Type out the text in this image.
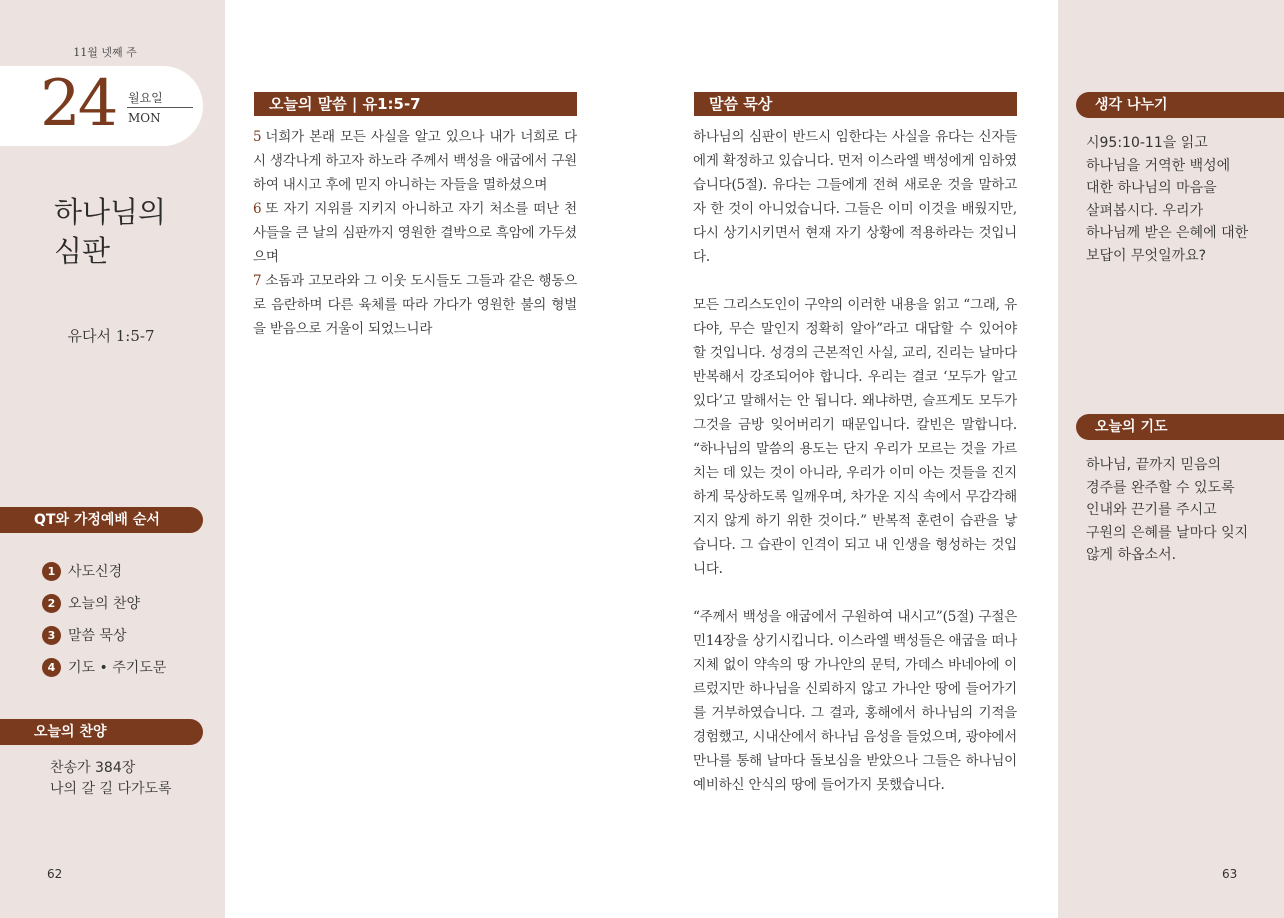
11월 넷째 주
24 월요일
MON
하나님의
심판
유다서 1:5-7
QT와 가정예배 순서
1 사도신경
2 오늘의 찬양
3 말씀 묵상
4 기도 • 주기도문
오늘의 찬양
찬송가 384장
나의 갈 길 다가도록
62
오늘의 말씀 | 유1:5-7

5 너희가 본래 모든 사실을 알고 있으나 내가 너희로 다시 생각나게 하고자 하노라 주께서 백성을 애굽에서 구원하여 내시고 후에 믿지 아니하는 자들을 멸하셨으며

6 또 자기 지위를 지키지 아니하고 자기 처소를 떠난 천사들을 큰 날의 심판까지 영원한 결박으로 흑암에 가두셨으며

7 소돔과 고모라와 그 이웃 도시들도 그들과 같은 행동으로 음란하며 다른 육체를 따라 가다가 영원한 불의 형벌을 받음으로 거울이 되었느니라

말씀 묵상

하나님의 심판이 반드시 임한다는 사실을 유다는 신자들에게 확정하고 있습니다. 먼저 이스라엘 백성에게 임하였습니다(5절). 유다는 그들에게 전혀 새로운 것을 말하고자 한 것이 아니었습니다. 그들은 이미 이것을 배웠지만, 다시 상기시키면서 현재 자기 상황에 적용하라는 것입니다.

모든 그리스도인이 구약의 이러한 내용을 읽고 “그래, 유다야, 무슨 말인지 정확히 알아”라고 대답할 수 있어야 할 것입니다. 성경의 근본적인 사실, 교리, 진리는 날마다 반복해서 강조되어야 합니다. 우리는 결코 ‘모두가 알고 있다’고 말해서는 안 됩니다. 왜냐하면, 슬프게도 모두가 그것을 금방 잊어버리기 때문입니다. 칼빈은 말합니다. “하나님의 말씀의 용도는 단지 우리가 모르는 것을 가르치는 데 있는 것이 아니라, 우리가 이미 아는 것들을 진지하게 묵상하도록 일깨우며, 차가운 지식 속에서 무감각해지지 않게 하기 위한 것이다.” 반복적 훈련이 습관을 낳습니다. 그 습관이 인격이 되고 내 인생을 형성하는 것입니다.

“주께서 백성을 애굽에서 구원하여 내시고”(5절) 구절은 민14장을 상기시킵니다. 이스라엘 백성들은 애굽을 떠나 지체 없이 약속의 땅 가나안의 문턱, 가데스 바네아에 이르렀지만 하나님을 신뢰하지 않고 가나안 땅에 들어가기를 거부하였습니다. 그 결과, 홍해에서 하나님의 기적을 경험했고, 시내산에서 하나님 음성을 들었으며, 광야에서 만나를 통해 날마다 돌보심을 받았으나 그들은 하나님이 예비하신 안식의 땅에 들어가지 못했습니다.

생각 나누기
시95:10-11을 읽고
하나님을 거역한 백성에
대한 하나님의 마음을
살펴봅시다. 우리가
하나님께 받은 은혜에 대한
보답이 무엇일까요?
오늘의 기도
하나님, 끝까지 믿음의
경주를 완주할 수 있도록
인내와 끈기를 주시고
구원의 은혜를 날마다 잊지
않게 하옵소서.
63
